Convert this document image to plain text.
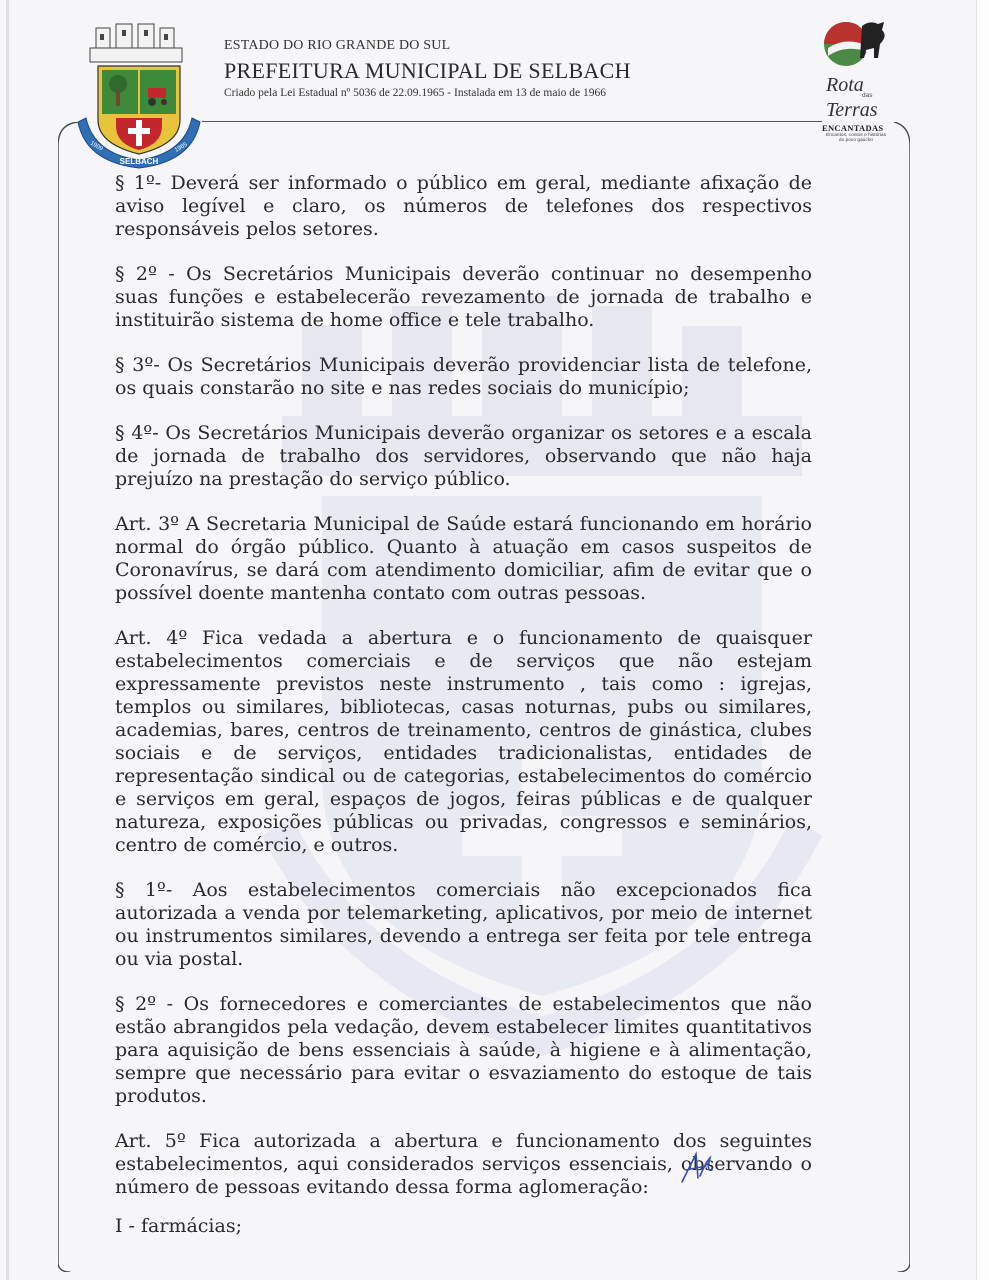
SELBACH
1909	1965
ESTADO DO RIO GRANDE DO SUL
PREFEITURA MUNICIPAL DE SELBACH
Criado pela Lei Estadual nº 5036 de 22.09.1965 - Instalada em 13 de maio de 1966	Rota
das
Terras
ENCANTADAS
Encantos, contos e histórias do povo gaúcho

§ 1º- Deverá ser informado o público em geral, mediante afixação de aviso legível e claro, os números de telefones dos respectivos responsáveis pelos setores.

§ 2º - Os Secretários Municipais deverão continuar no desempenho suas funções e estabelecerão revezamento de jornada de trabalho e instituirão sistema de home office e tele trabalho.

§ 3º- Os Secretários Municipais deverão providenciar lista de telefone, os quais constarão no site e nas redes sociais do município;

§ 4º- Os Secretários Municipais deverão organizar os setores e a escala de jornada de trabalho dos servidores, observando que não haja prejuízo na prestação do serviço público.

Art. 3º A Secretaria Municipal de Saúde estará funcionando em horário normal do órgão público. Quanto à atuação em casos suspeitos de Coronavírus, se dará com atendimento domiciliar, afim de evitar que o possível doente mantenha contato com outras pessoas.

Art. 4º Fica vedada a abertura e o funcionamento de quaisquer estabelecimentos comerciais e de serviços que não estejam expressamente previstos neste instrumento , tais como : igrejas, templos ou similares, bibliotecas, casas noturnas, pubs ou similares, academias, bares, centros de treinamento, centros de ginástica, clubes sociais e de serviços, entidades tradicionalistas, entidades de representação sindical ou de categorias, estabelecimentos do comércio e serviços em geral, espaços de jogos, feiras públicas e de qualquer natureza, exposições públicas ou privadas, congressos e seminários, centro de comércio, e outros.

§ 1º- Aos estabelecimentos comerciais não excepcionados fica autorizada a venda por telemarketing, aplicativos, por meio de internet ou instrumentos similares, devendo a entrega ser feita por tele entrega ou via postal.

§ 2º - Os fornecedores e comerciantes de estabelecimentos que não estão abrangidos pela vedação, devem estabelecer limites quantitativos para aquisição de bens essenciais à saúde, à higiene e à alimentação, sempre que necessário para evitar o esvaziamento do estoque de tais produtos.

Art. 5º Fica autorizada a abertura e funcionamento dos seguintes estabelecimentos, aqui considerados serviços essenciais, observando o número de pessoas evitando dessa forma aglomeração:

I - farmácias;
